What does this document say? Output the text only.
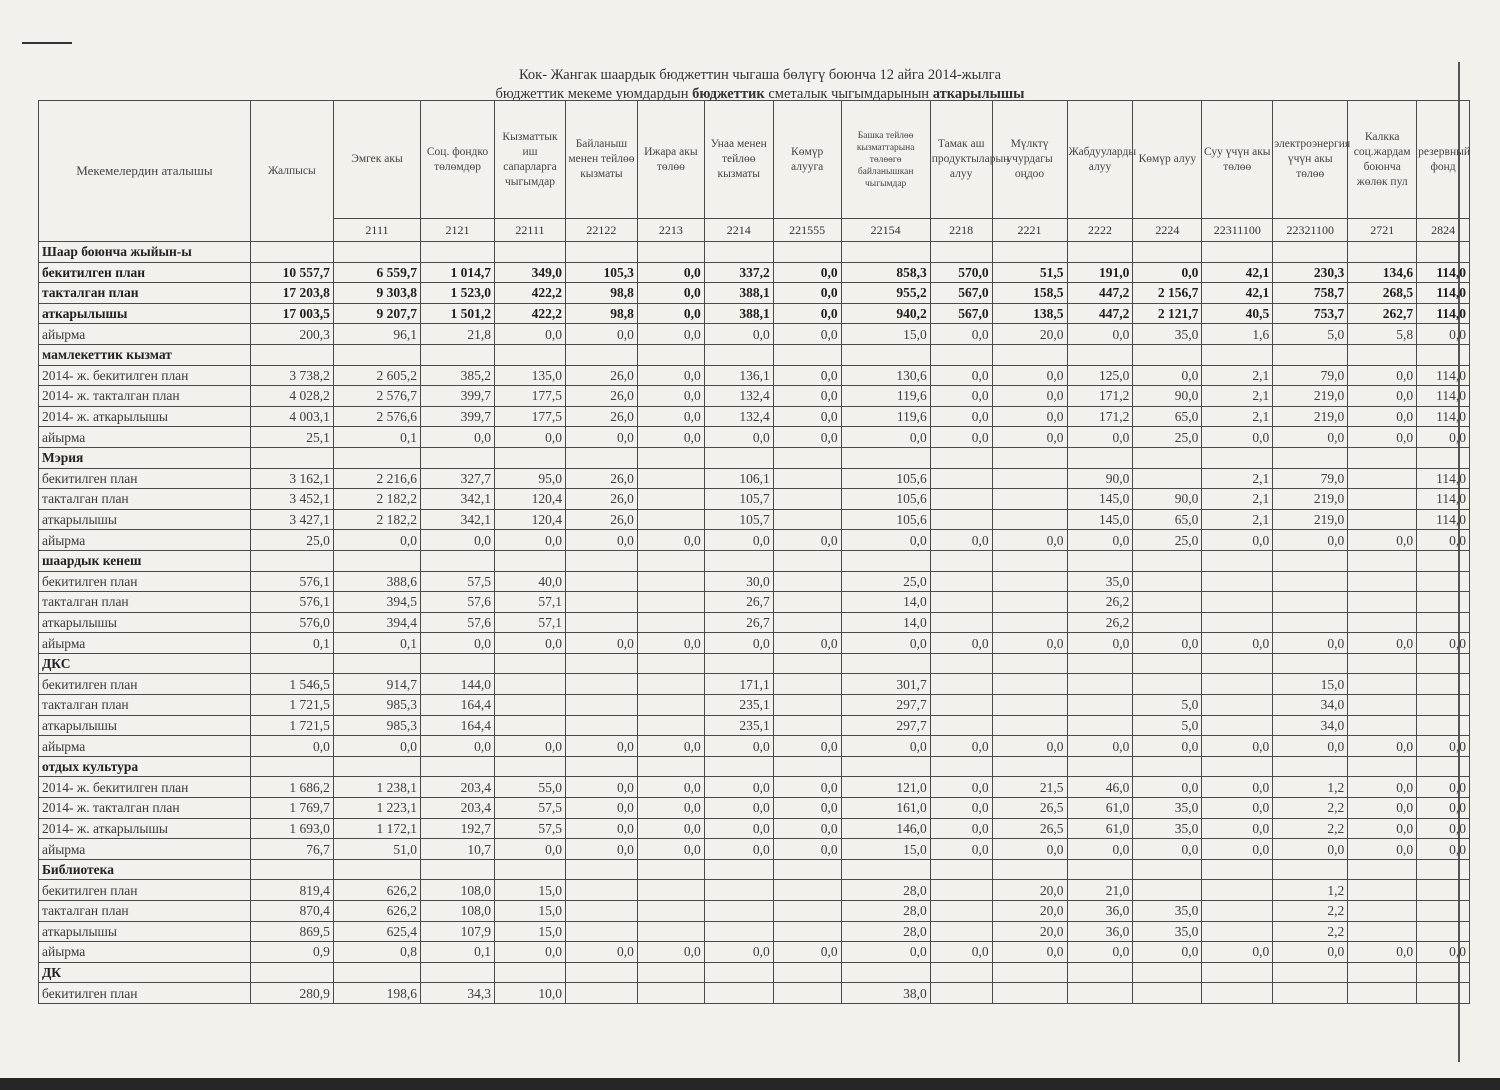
Кок- Жангак шаардык бюджеттин чыгаша бөлүгү боюнча 12 айга 2014-жылга
бюджеттик мекеме уюмдардын бюджеттик сметалык чыгымдарынын аткарылышы
Мекемелердин аталышы	Жалпысы	Эмгек акы	Соц. фондко төлөмдөр	Кызматтык иш сапарларга чыгымдар	Байланыш менен тейлөө кызматы	Ижара акы төлөө	Унаа менен тейлөө кызматы	Көмүр алууга	Башка тейлөө кызматтарына төлөөгө байланышкан чыгымдар	Тамак аш продуктыларын алуу	Мүлктү учурдагы оңдоо	Жабдууларды алуу	Көмүр алуу	Суу үчүн акы төлөө	электроэнергия үчүн акы төлөө	Калкка соц.жардам боюнча жөлөк пул	резервный фонд
		2111	2121	22111	22122	2213	2214	221555	22154	2218	2221	2222	2224	22311100	22321100	2721	2824
Шаар боюнча жыйын-ы																	
бекитилген план	10 557,7	6 559,7	1 014,7	349,0	105,3	0,0	337,2	0,0	858,3	570,0	51,5	191,0	0,0	42,1	230,3	134,6	114,0
такталган план	17 203,8	9 303,8	1 523,0	422,2	98,8	0,0	388,1	0,0	955,2	567,0	158,5	447,2	2 156,7	42,1	758,7	268,5	114,0
аткарылышы	17 003,5	9 207,7	1 501,2	422,2	98,8	0,0	388,1	0,0	940,2	567,0	138,5	447,2	2 121,7	40,5	753,7	262,7	114,0
айырма	200,3	96,1	21,8	0,0	0,0	0,0	0,0	0,0	15,0	0,0	20,0	0,0	35,0	1,6	5,0	5,8	0,0
мамлекеттик кызмат																	
2014- ж. бекитилген план	3 738,2	2 605,2	385,2	135,0	26,0	0,0	136,1	0,0	130,6	0,0	0,0	125,0	0,0	2,1	79,0	0,0	114,0
2014- ж. такталган план	4 028,2	2 576,7	399,7	177,5	26,0	0,0	132,4	0,0	119,6	0,0	0,0	171,2	90,0	2,1	219,0	0,0	114,0
2014- ж. аткарылышы	4 003,1	2 576,6	399,7	177,5	26,0	0,0	132,4	0,0	119,6	0,0	0,0	171,2	65,0	2,1	219,0	0,0	114,0
айырма	25,1	0,1	0,0	0,0	0,0	0,0	0,0	0,0	0,0	0,0	0,0	0,0	25,0	0,0	0,0	0,0	0,0
Мэрия																	
бекитилген план	3 162,1	2 216,6	327,7	95,0	26,0		106,1		105,6			90,0		2,1	79,0		114,0
такталган план	3 452,1	2 182,2	342,1	120,4	26,0		105,7		105,6			145,0	90,0	2,1	219,0		114,0
аткарылышы	3 427,1	2 182,2	342,1	120,4	26,0		105,7		105,6			145,0	65,0	2,1	219,0		114,0
айырма	25,0	0,0	0,0	0,0	0,0	0,0	0,0	0,0	0,0	0,0	0,0	0,0	25,0	0,0	0,0	0,0	0,0
шаардык кенеш																	
бекитилген план	576,1	388,6	57,5	40,0			30,0		25,0			35,0					
такталган план	576,1	394,5	57,6	57,1			26,7		14,0			26,2					
аткарылышы	576,0	394,4	57,6	57,1			26,7		14,0			26,2					
айырма	0,1	0,1	0,0	0,0	0,0	0,0	0,0	0,0	0,0	0,0	0,0	0,0	0,0	0,0	0,0	0,0	0,0
ДКС																	
бекитилген план	1 546,5	914,7	144,0				171,1		301,7						15,0		
такталган план	1 721,5	985,3	164,4				235,1		297,7				5,0		34,0		
аткарылышы	1 721,5	985,3	164,4				235,1		297,7				5,0		34,0		
айырма	0,0	0,0	0,0	0,0	0,0	0,0	0,0	0,0	0,0	0,0	0,0	0,0	0,0	0,0	0,0	0,0	0,0
отдых культура																	
2014- ж. бекитилген план	1 686,2	1 238,1	203,4	55,0	0,0	0,0	0,0	0,0	121,0	0,0	21,5	46,0	0,0	0,0	1,2	0,0	0,0
2014- ж. такталган план	1 769,7	1 223,1	203,4	57,5	0,0	0,0	0,0	0,0	161,0	0,0	26,5	61,0	35,0	0,0	2,2	0,0	0,0
2014- ж. аткарылышы	1 693,0	1 172,1	192,7	57,5	0,0	0,0	0,0	0,0	146,0	0,0	26,5	61,0	35,0	0,0	2,2	0,0	0,0
айырма	76,7	51,0	10,7	0,0	0,0	0,0	0,0	0,0	15,0	0,0	0,0	0,0	0,0	0,0	0,0	0,0	0,0
Библиотека																	
бекитилген план	819,4	626,2	108,0	15,0					28,0		20,0	21,0			1,2		
такталган план	870,4	626,2	108,0	15,0					28,0		20,0	36,0	35,0		2,2		
аткарылышы	869,5	625,4	107,9	15,0					28,0		20,0	36,0	35,0		2,2		
айырма	0,9	0,8	0,1	0,0	0,0	0,0	0,0	0,0	0,0	0,0	0,0	0,0	0,0	0,0	0,0	0,0	0,0
ДК																	
бекитилген план	280,9	198,6	34,3	10,0					38,0								
